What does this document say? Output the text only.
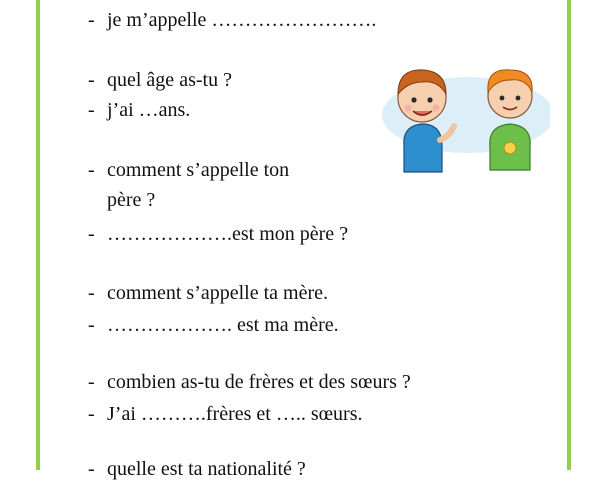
- je m’appelle …………………….
- quel âge as-tu ?
- j’ai …ans.
- comment s’appelle ton
père ?
- ……………….est mon père ?
- comment s’appelle ta mère.
- ………………. est ma mère.
- combien as-tu de frères et des sœurs ?
- J’ai ……….frères et ….. sœurs.
- quelle est ta nationalité ?
